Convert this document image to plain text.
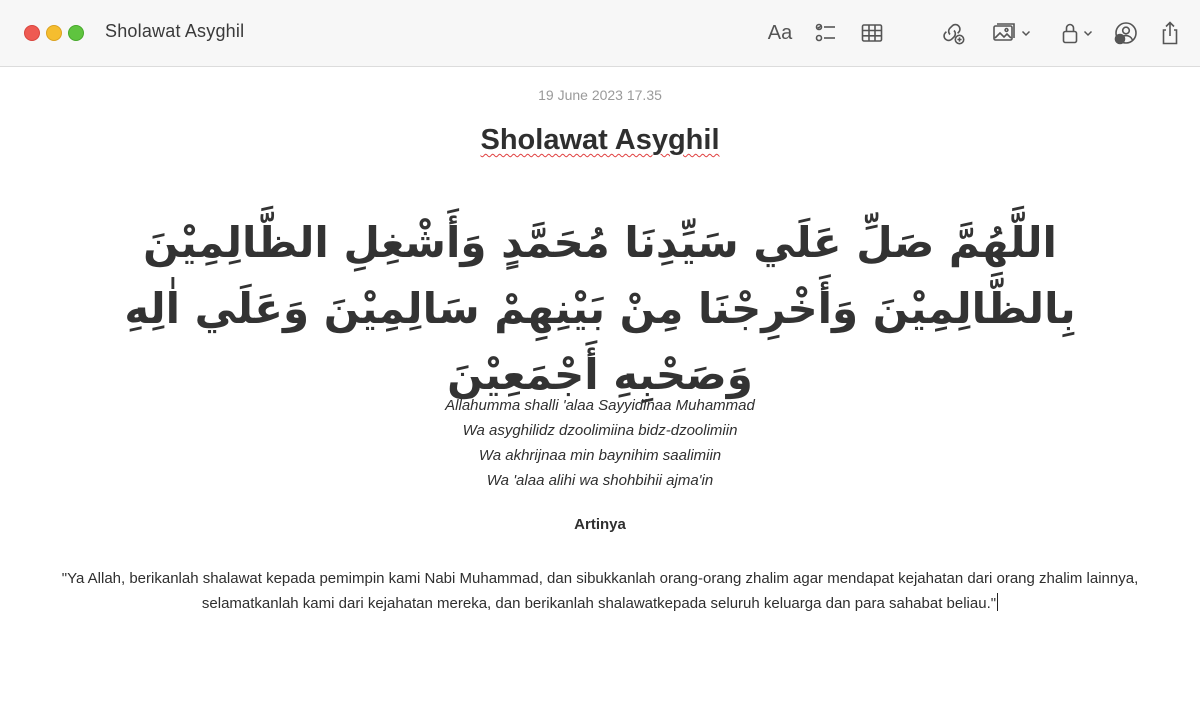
Sholawat Asyghil	Aa
19 June 2023 17.35
Sholawat Asyghil
اللَّهُمَّ صَلِّ عَلَي سَيِّدِنَا مُحَمَّدٍ وَأَشْغِلِ الظَّالِمِيْنَ بِالظَّالِمِيْنَ وَأَخْرِجْنَا مِنْ بَيْنِهِمْ سَالِمِيْنَ وَعَلَي اٰلِهِ وَصَحْبِهِ أَجْمَعِيْنَ
Allahumma shalli 'alaa Sayyidinaa Muhammad
Wa asyghilidz dzoolimiina bidz-dzoolimiin
Wa akhrijnaa min baynihim saalimiin
Wa 'alaa alihi wa shohbihii ajma'in
Artinya
"Ya Allah, berikanlah shalawat kepada pemimpin kami Nabi Muhammad, dan sibukkanlah orang-orang zhalim agar mendapat kejahatan dari orang zhalim lainnya,
selamatkanlah kami dari kejahatan mereka, dan berikanlah shalawatkepada seluruh keluarga dan para sahabat beliau."
